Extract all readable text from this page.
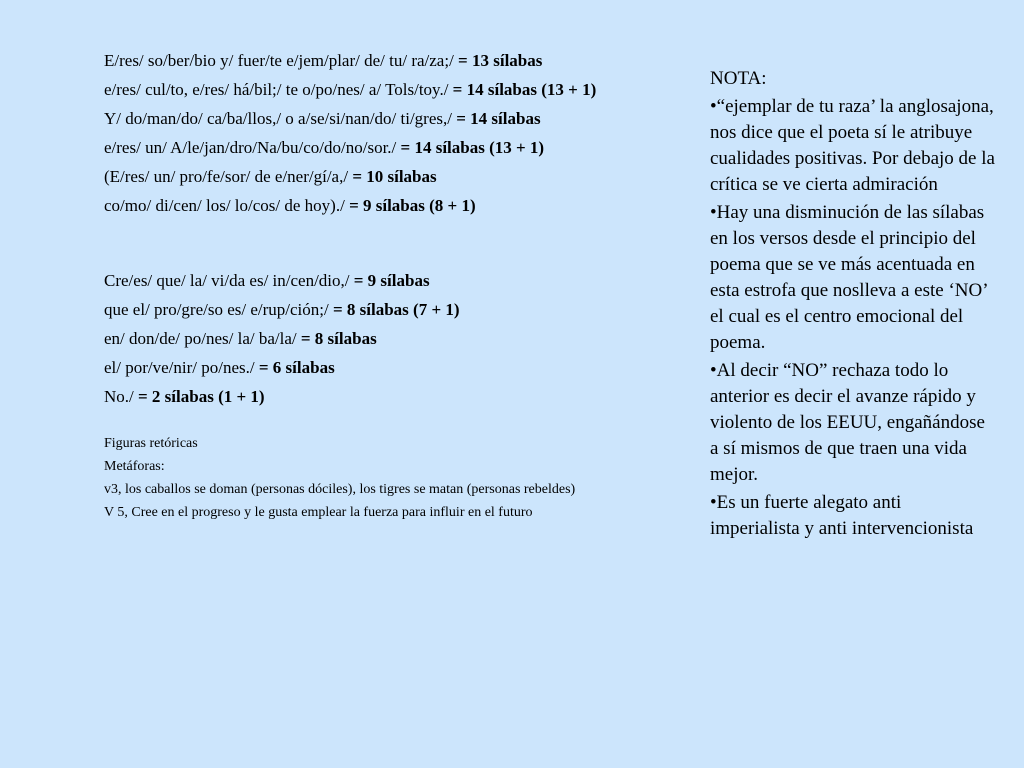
E/res/ so/ber/bio y/ fuer/te e/jem/plar/ de/ tu/ ra/za;/ = 13 sílabas

e/res/ cul/to, e/res/ há/bil;/ te o/po/nes/ a/ Tols/toy./ = 14 sílabas (13 + 1)

Y/ do/man/do/ ca/ba/llos,/ o a/se/si/nan/do/ ti/gres,/ = 14 sílabas

e/res/ un/ A/le/jan/dro/Na/bu/co/do/no/sor./ = 14 sílabas (13 + 1)

(E/res/ un/ pro/fe/sor/ de e/ner/gí/a,/ = 10 sílabas

co/mo/ di/cen/ los/ lo/cos/ de hoy)./ = 9 sílabas (8 + 1)

Cre/es/ que/ la/ vi/da es/ in/cen/dio,/ = 9 sílabas

que el/ pro/gre/so es/ e/rup/ción;/ = 8 sílabas (7 + 1)

en/ don/de/ po/nes/ la/ ba/la/ = 8 sílabas

el/ por/ve/nir/ po/nes./ = 6 sílabas

No./ = 2 sílabas (1 + 1)

Figuras retóricas

Metáforas:

v3, los caballos se doman (personas dóciles), los tigres se matan (personas rebeldes)

V 5, Cree en el progreso y le gusta emplear la fuerza para influir en el futuro

NOTA:

•“ejemplar de tu raza’ la anglosajona, nos dice que el poeta sí le atribuye cualidades positivas. Por debajo de la crítica se ve cierta admiración

•Hay una disminución de las sílabas en los versos desde el principio del poema que se ve más acentuada en esta estrofa que noslleva a este ‘NO’ el cual es el centro emocional del poema.

•Al decir “NO” rechaza todo lo anterior es decir el avanze rápido y violento de los EEUU, engañándose a sí mismos de que traen una vida mejor.

•Es un fuerte alegato anti imperialista y anti intervencionista
